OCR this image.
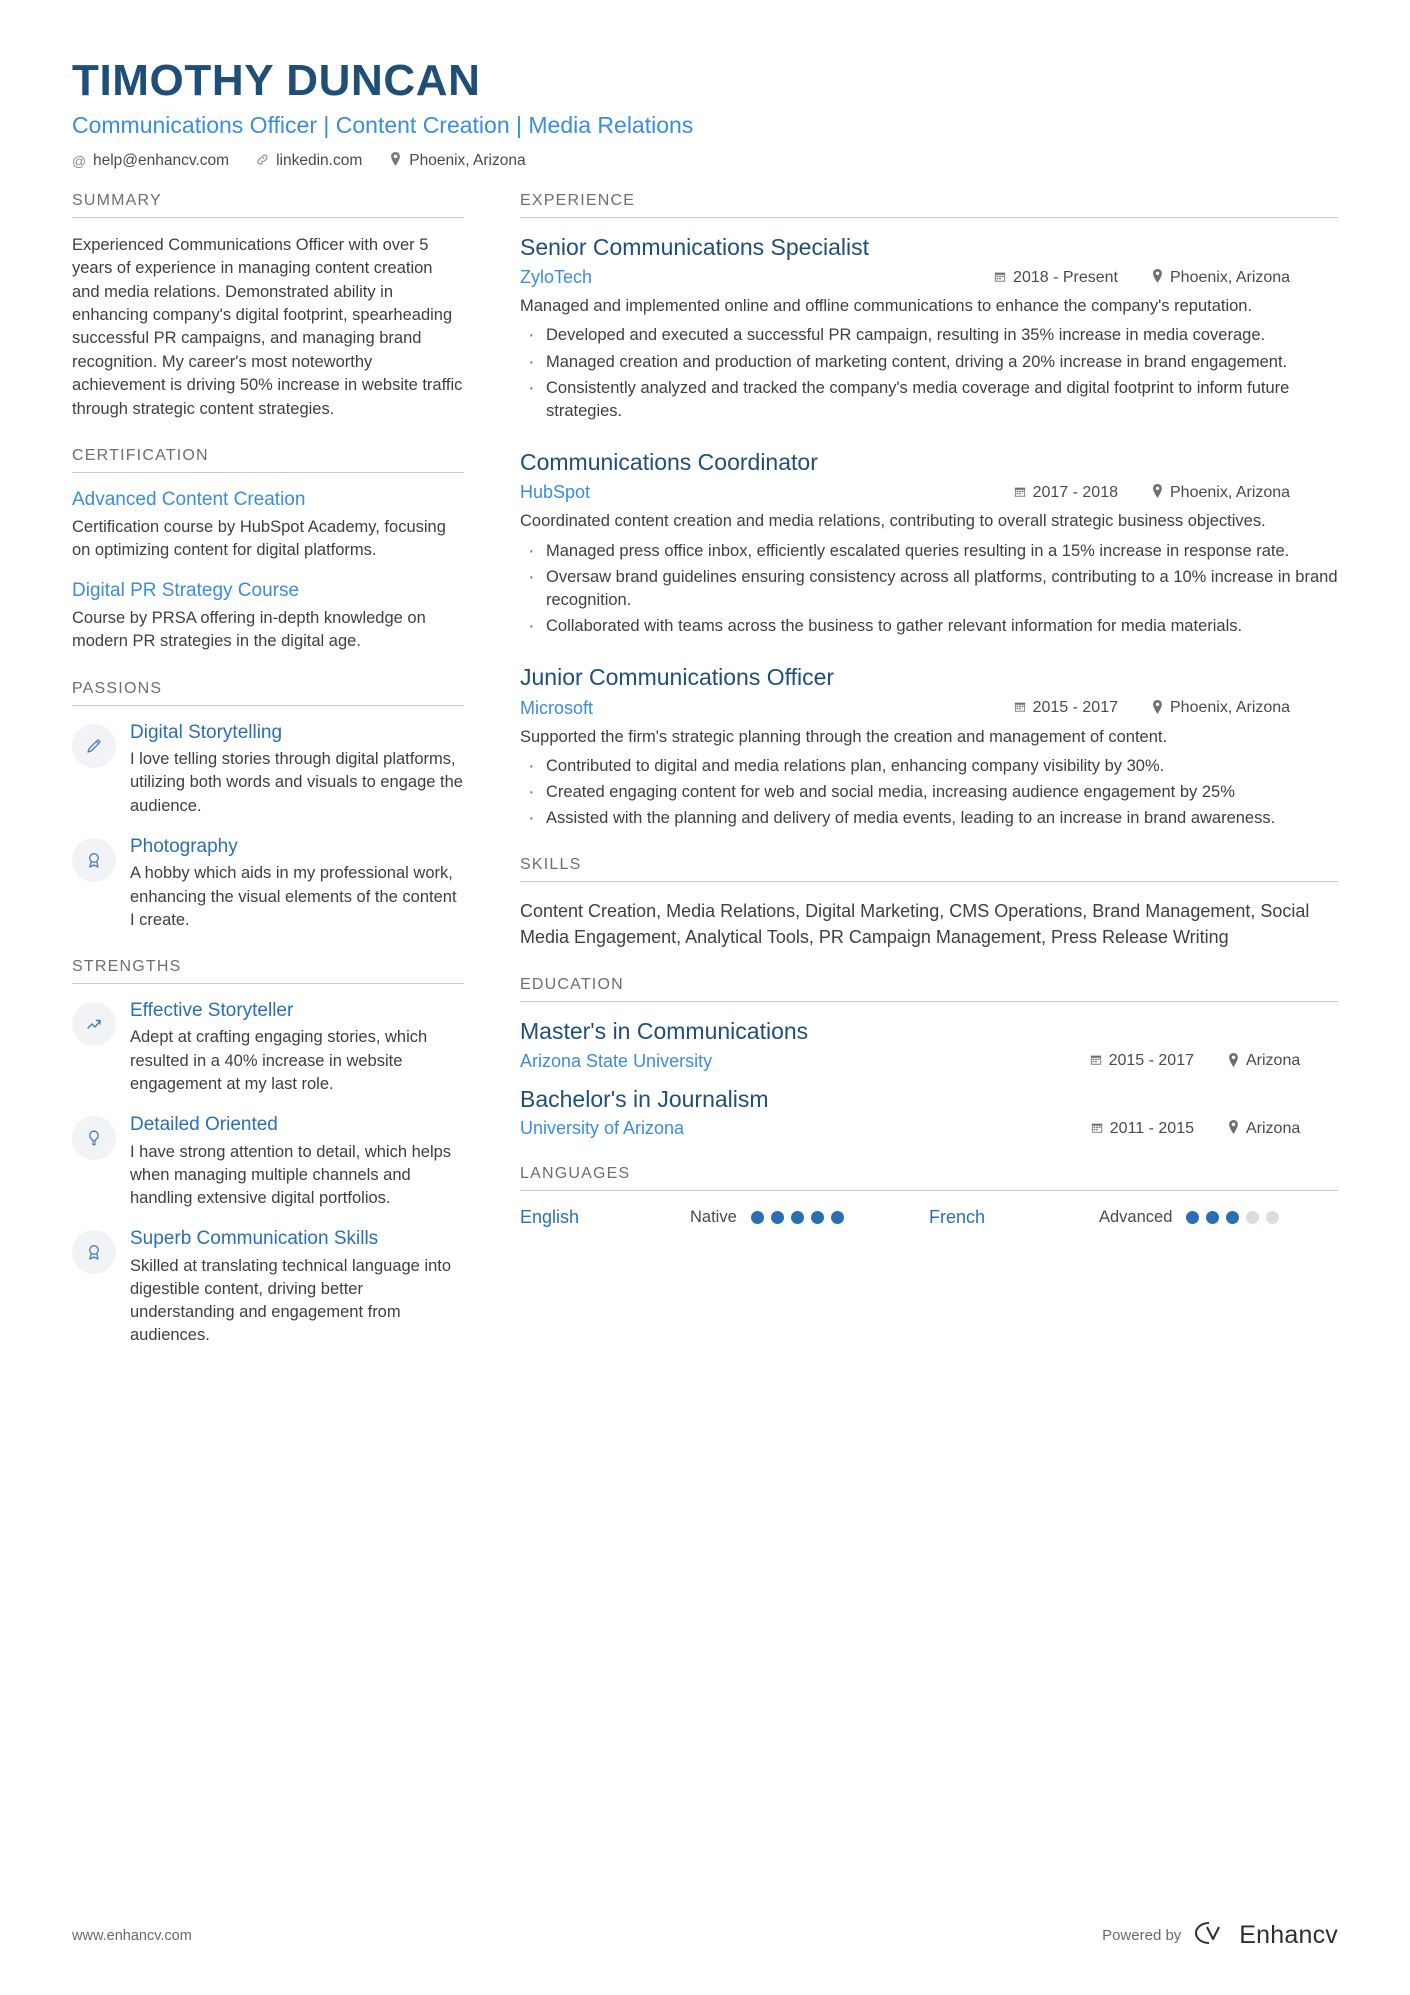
TIMOTHY DUNCAN
Communications Officer | Content Creation | Media Relations
@ help@enhancv.com	linkedin.com	Phoenix, Arizona
SUMMARY

Experienced Communications Officer with over 5 years of experience in managing content creation and media relations. Demonstrated ability in enhancing company's digital footprint, spearheading successful PR campaigns, and managing brand recognition. My career's most noteworthy achievement is driving 50% increase in website traffic through strategic content strategies.

CERTIFICATION
Advanced Content Creation

Certification course by HubSpot Academy, focusing on optimizing content for digital platforms.

Digital PR Strategy Course

Course by PRSA offering in-depth knowledge on modern PR strategies in the digital age.

PASSIONS
Digital Storytelling

I love telling stories through digital platforms, utilizing both words and visuals to engage the audience.

Photography

A hobby which aids in my professional work, enhancing the visual elements of the content I create.

STRENGTHS
Effective Storyteller

Adept at crafting engaging stories, which resulted in a 40% increase in website engagement at my last role.

Detailed Oriented

I have strong attention to detail, which helps when managing multiple channels and handling extensive digital portfolios.

Superb Communication Skills

Skilled at translating technical language into digestible content, driving better understanding and engagement from audiences.

EXPERIENCE
Senior Communications Specialist
ZyloTech	2018 - Present	Phoenix, Arizona

Managed and implemented online and offline communications to enhance the company's reputation.

· Developed and executed a successful PR campaign, resulting in 35% increase in media coverage.
· Managed creation and production of marketing content, driving a 20% increase in brand engagement.
· Consistently analyzed and tracked the company's media coverage and digital footprint to inform future strategies.
Communications Coordinator
HubSpot	2017 - 2018	Phoenix, Arizona

Coordinated content creation and media relations, contributing to overall strategic business objectives.

· Managed press office inbox, efficiently escalated queries resulting in a 15% increase in response rate.
· Oversaw brand guidelines ensuring consistency across all platforms, contributing to a 10% increase in brand recognition.
· Collaborated with teams across the business to gather relevant information for media materials.
Junior Communications Officer
Microsoft	2015 - 2017	Phoenix, Arizona

Supported the firm's strategic planning through the creation and management of content.

· Contributed to digital and media relations plan, enhancing company visibility by 30%.
· Created engaging content for web and social media, increasing audience engagement by 25%
· Assisted with the planning and delivery of media events, leading to an increase in brand awareness.
SKILLS

Content Creation, Media Relations, Digital Marketing, CMS Operations, Brand Management, Social Media Engagement, Analytical Tools, PR Campaign Management, Press Release Writing

EDUCATION
Master's in Communications
Arizona State University	2015 - 2017	Arizona
Bachelor's in Journalism
University of Arizona	2011 - 2015	Arizona
LANGUAGES
English	Native	French	Advanced
www.enhancv.com	Powered by Enhancv
